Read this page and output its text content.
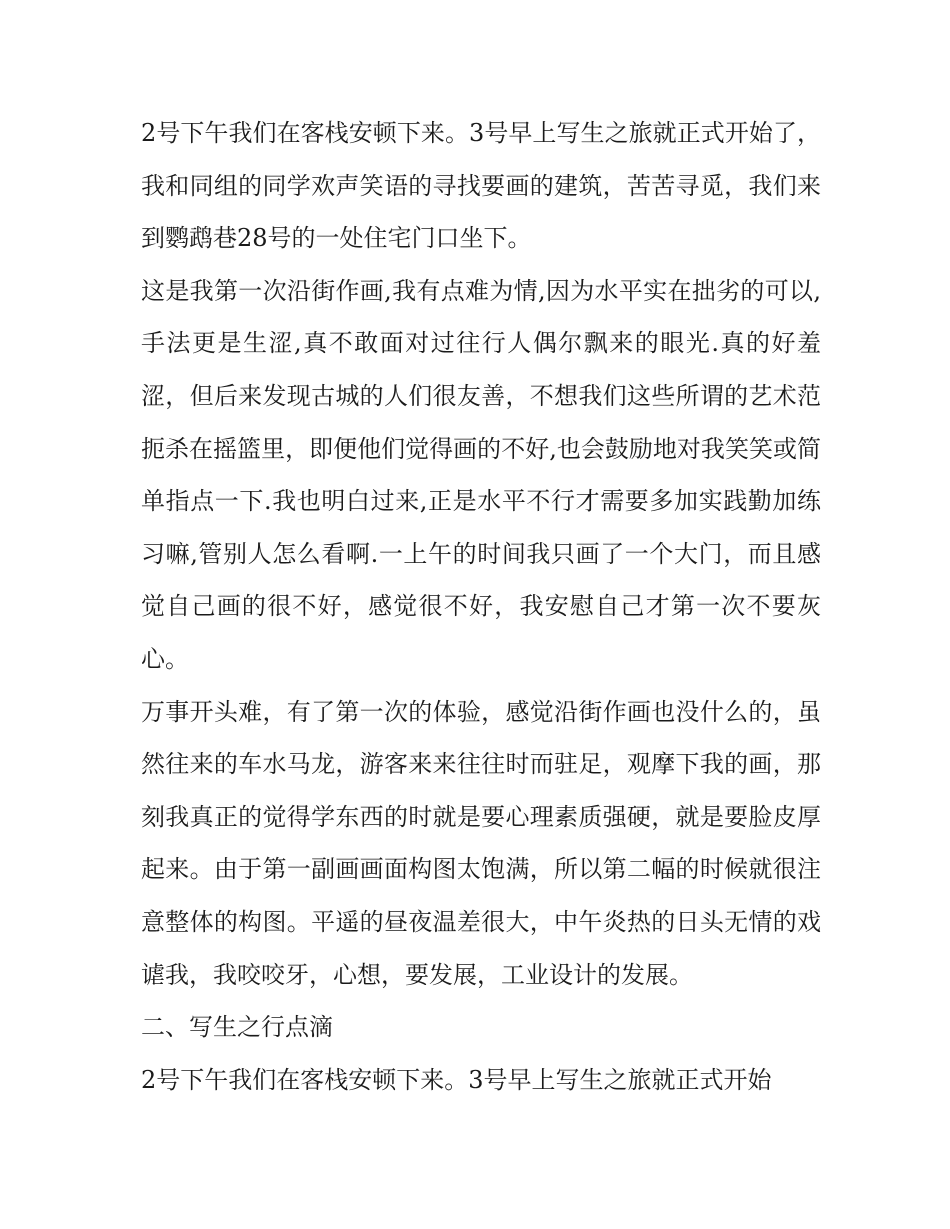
2号下午我们在客栈安顿下来。3号早上写生之旅就正式开始了，我和同组的同学欢声笑语的寻找要画的建筑，苦苦寻觅，我们来到鹦鹉巷28号的一处住宅门口坐下。

这是我第一次沿街作画,我有点难为情,因为水平实在拙劣的可以,手法更是生涩,真不敢面对过往行人偶尔飘来的眼光.真的好羞涩，但后来发现古城的人们很友善，不想我们这些所谓的艺术范扼杀在摇篮里，即便他们觉得画的不好,也会鼓励地对我笑笑或简单指点一下.我也明白过来,正是水平不行才需要多加实践勤加练习嘛,管别人怎么看啊.一上午的时间我只画了一个大门，而且感觉自己画的很不好，感觉很不好，我安慰自己才第一次不要灰心。

万事开头难，有了第一次的体验，感觉沿街作画也没什么的，虽然往来的车水马龙，游客来来往往时而驻足，观摩下我的画，那刻我真正的觉得学东西的时就是要心理素质强硬，就是要脸皮厚起来。由于第一副画画面构图太饱满，所以第二幅的时候就很注意整体的构图。平遥的昼夜温差很大，中午炎热的日头无情的戏谑我，我咬咬牙，心想，要发展，工业设计的发展。

二、写生之行点滴

2号下午我们在客栈安顿下来。3号早上写生之旅就正式开始
